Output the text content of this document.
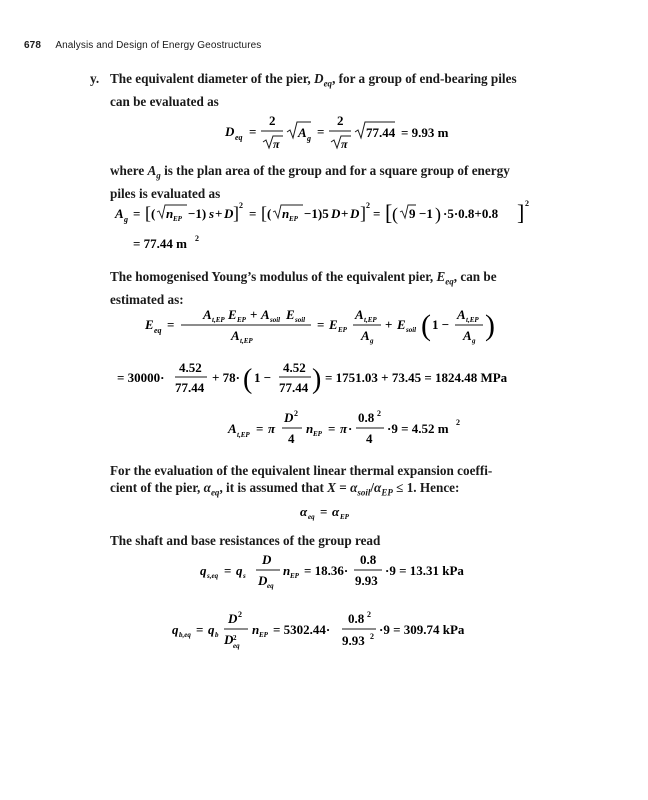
678 Analysis and Design of Energy Geostructures
y. The equivalent diameter of the pier, $D_{eq}$, for a group of end-bearing piles
can be evaluated as
D eq =
2
π
A g =
2
π
77.44 = 9.93 m
where $A_g$ is the plan area of the group and for a square group of energy
piles is evaluated as
A g = [ ( n EP −1) s + D ] 2
= [ ( n EP −1)5 D + D ] 2
= [ ( 9 −1 ) ·5·0.8+0.8 ] 2
= 77.44 m 2
The homogenised Young’s modulus of the equivalent pier, $E_{eq}$, can be
estimated as:
E eq =
A t,EP E EP + A soil E soil
A t,EP
= E EP
A t,EP
A g
+ E soil ( 1 −
A t,EP
A g )
= 30000·
4.52
77.44
+ 78· ( 1 −
4.52
77.44 ) = 1751.03 + 73.45 = 1824.48 MPa
A t,EP = π
D 2
4
n EP = π ·
0.8 2
4
·9 = 4.52 m 2
For the evaluation of the equivalent linear thermal expansion coeffi-
cient of the pier, $\alpha_{eq}$, it is assumed that $X = \alpha_{soil}/\alpha_{EP} \le 1$. Hence:
α eq = α EP
The shaft and base resistances of the group read
q s,eq = q s
D
D eq
n EP = 18.36·
0.8
9.93
·9 = 13.31 kPa
q b,eq = q b
D 2
D 2
eq
n EP = 5302.44·
0.8 2
9.93 2 ·9 = 309.74 kPa
